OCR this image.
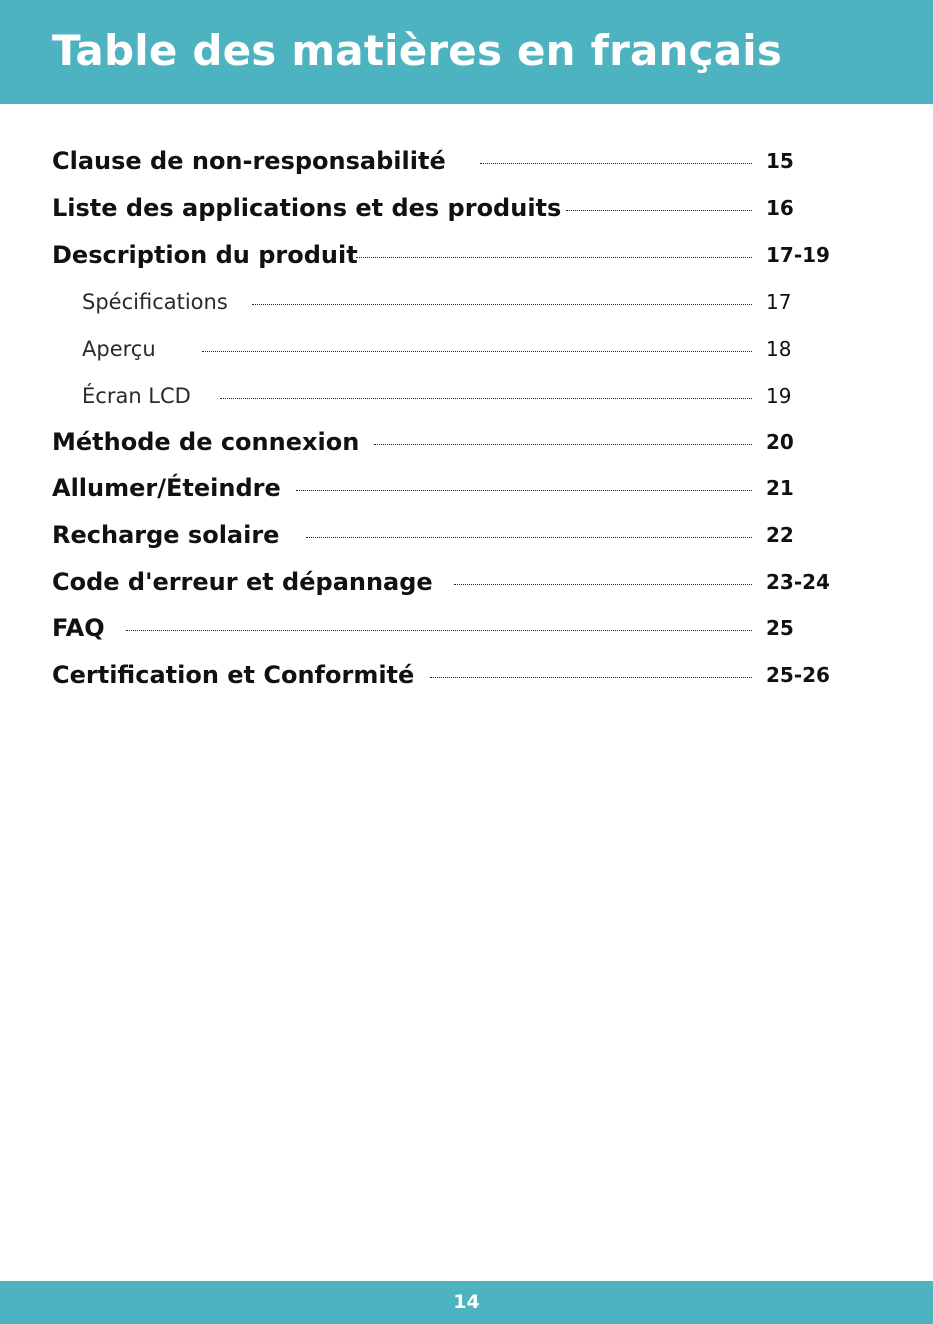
Table des matières en français
Clause de non-responsabilité	15
Liste des applications et des produits	16
Description du produit	17-19
Spécifications	17
Aperçu	18
Écran LCD	19
Méthode de connexion	20
Allumer/Éteindre	21
Recharge solaire	22
Code d'erreur et dépannage	23-24
FAQ	25
Certification et Conformité	25-26
14
